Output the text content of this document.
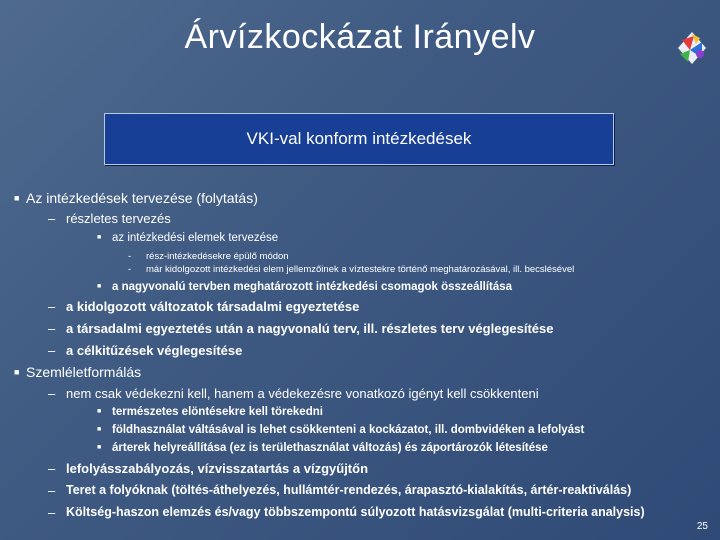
Árvízkockázat Irányelv
VKI-val konform intézkedések
■ Az intézkedések tervezése (folytatás)
– részletes tervezés
■ az intézkedési elemek tervezése
- rész-intézkedésekre épülő módon
- már kidolgozott intézkedési elem jellemzőinek a víztestekre történő meghatározásával, ill. becslésével
■ a nagyvonalú tervben meghatározott intézkedési csomagok összeállítása
– a kidolgozott változatok társadalmi egyeztetése
– a társadalmi egyeztetés után a nagyvonalú terv, ill. részletes terv véglegesítése
– a célkitűzések véglegesítése
■ Szemléletformálás
– nem csak védekezni kell, hanem a védekezésre vonatkozó igényt kell csökkenteni
■ természetes elöntésekre kell törekedni
■ földhasználat váltásával is lehet csökkenteni a kockázatot, ill. dombvidéken a lefolyást
■ árterek helyreállítása (ez is területhasználat változás) és záportározók létesítése
– lefolyásszabályozás, vízvisszatartás a vízgyűjtőn
– Teret a folyóknak (töltés-áthelyezés, hullámtér-rendezés, árapasztó-kialakítás, ártér-reaktiválás)
– Költség-haszon elemzés és/vagy többszempontú súlyozott hatásvizsgálat (multi-criteria analysis)
25
